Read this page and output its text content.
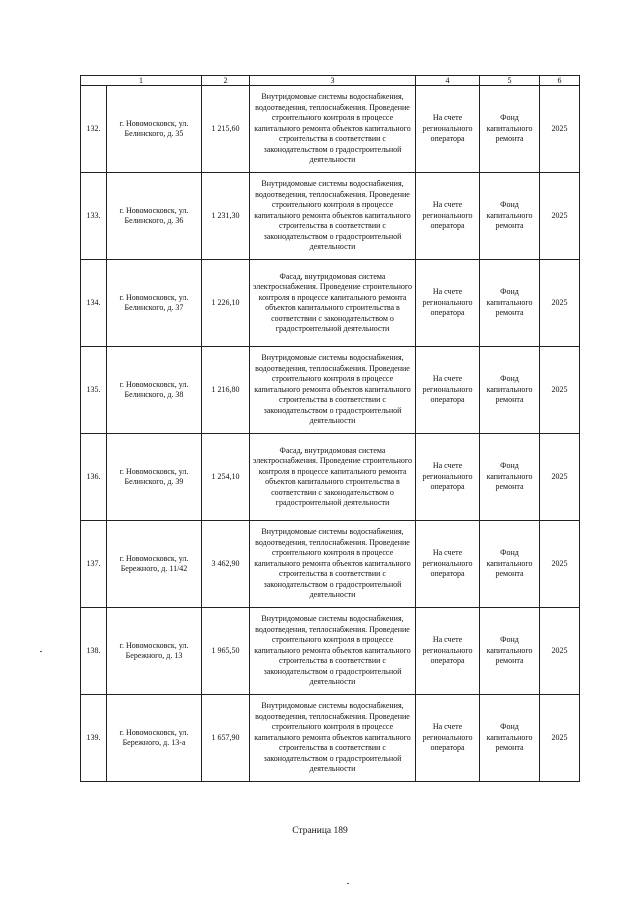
1		2	3	4	5	6
132.	г. Новомосковск, ул. Белинского, д. 35	1 215,60	Внутридомовые системы водоснабжения, водоотведения, теплоснабжения. Проведение строительного контроля в процессе капитального ремонта объектов капитального строительства в соответствии с законодательством о градостроительной деятельности	На счете регионального оператора	Фонд капитального ремонта	2025
133.	г. Новомосковск, ул. Белинского, д. 36	1 231,30	Внутридомовые системы водоснабжения, водоотведения, теплоснабжения. Проведение строительного контроля в процессе капитального ремонта объектов капитального строительства в соответствии с законодательством о градостроительной деятельности	На счете регионального оператора	Фонд капитального ремонта	2025
134.	г. Новомосковск, ул. Белинского, д. 37	1 226,10	Фасад, внутридомовая система электроснабжения. Проведение строительного контроля в процессе капитального ремонта объектов капитального строительства в соответствии с законодательством о градостроительной деятельности	На счете регионального оператора	Фонд капитального ремонта	2025
135.	г. Новомосковск, ул. Белинского, д. 38	1 216,80	Внутридомовые системы водоснабжения, водоотведения, теплоснабжения. Проведение строительного контроля в процессе капитального ремонта объектов капитального строительства в соответствии с законодательством о градостроительной деятельности	На счете регионального оператора	Фонд капитального ремонта	2025
136.	г. Новомосковск, ул. Белинского, д. 39	1 254,10	Фасад, внутридомовая система электроснабжения. Проведение строительного контроля в процессе капитального ремонта объектов капитального строительства в соответствии с законодательством о градостроительной деятельности	На счете регионального оператора	Фонд капитального ремонта	2025
137.	г. Новомосковск, ул. Бережного, д. 11/42	3 462,90	Внутридомовые системы водоснабжения, водоотведения, теплоснабжения. Проведение строительного контроля в процессе капитального ремонта объектов капитального строительства в соответствии с законодательством о градостроительной деятельности	На счете регионального оператора	Фонд капитального ремонта	2025
138.	г. Новомосковск, ул. Бережного, д. 13	1 965,50	Внутридомовые системы водоснабжения, водоотведения, теплоснабжения. Проведение строительного контроля в процессе капитального ремонта объектов капитального строительства в соответствии с законодательством о градостроительной деятельности	На счете регионального оператора	Фонд капитального ремонта	2025
139.	г. Новомосковск, ул. Бережного, д. 13-а	1 657,90	Внутридомовые системы водоснабжения, водоотведения, теплоснабжения. Проведение строительного контроля в процессе капитального ремонта объектов капитального строительства в соответствии с законодательством о градостроительной деятельности	На счете регионального оператора	Фонд капитального ремонта	2025
Страница 189
